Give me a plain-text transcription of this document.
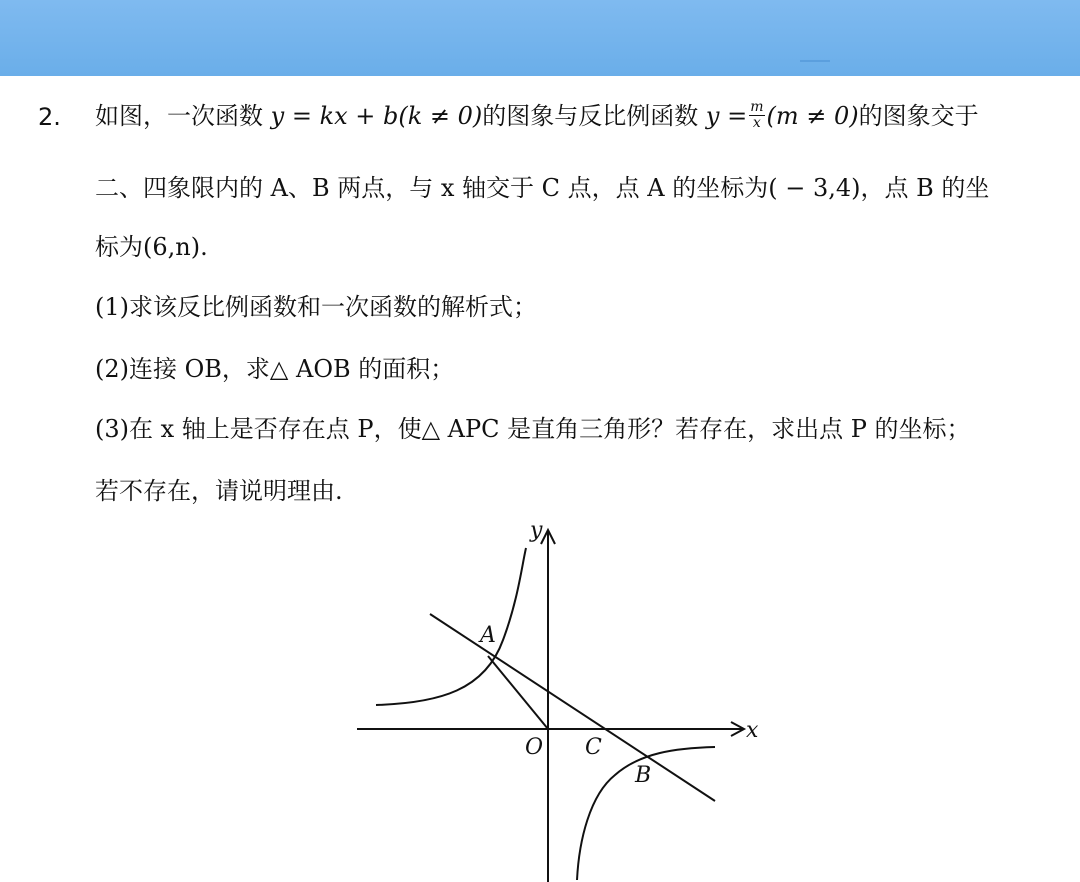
2. 如图，一次函数 y = kx + b(k ≠ 0)的图象与反比例函数 $y = \frac{m}{x} (m \ne 0)$的图象交于
二、四象限内的 A、B 两点，与 x 轴交于 C 点，点 A 的坐标为( − 3,4)，点 B 的坐
标为(6,n).
(1)求该反比例函数和一次函数的解析式；
(2)连接 OB，求△ AOB 的面积；
(3)在 x 轴上是否存在点 P，使△ APC 是直角三角形？若存在，求出点 P 的坐标；
若不存在，请说明理由.
y
x
O
A
B
C
